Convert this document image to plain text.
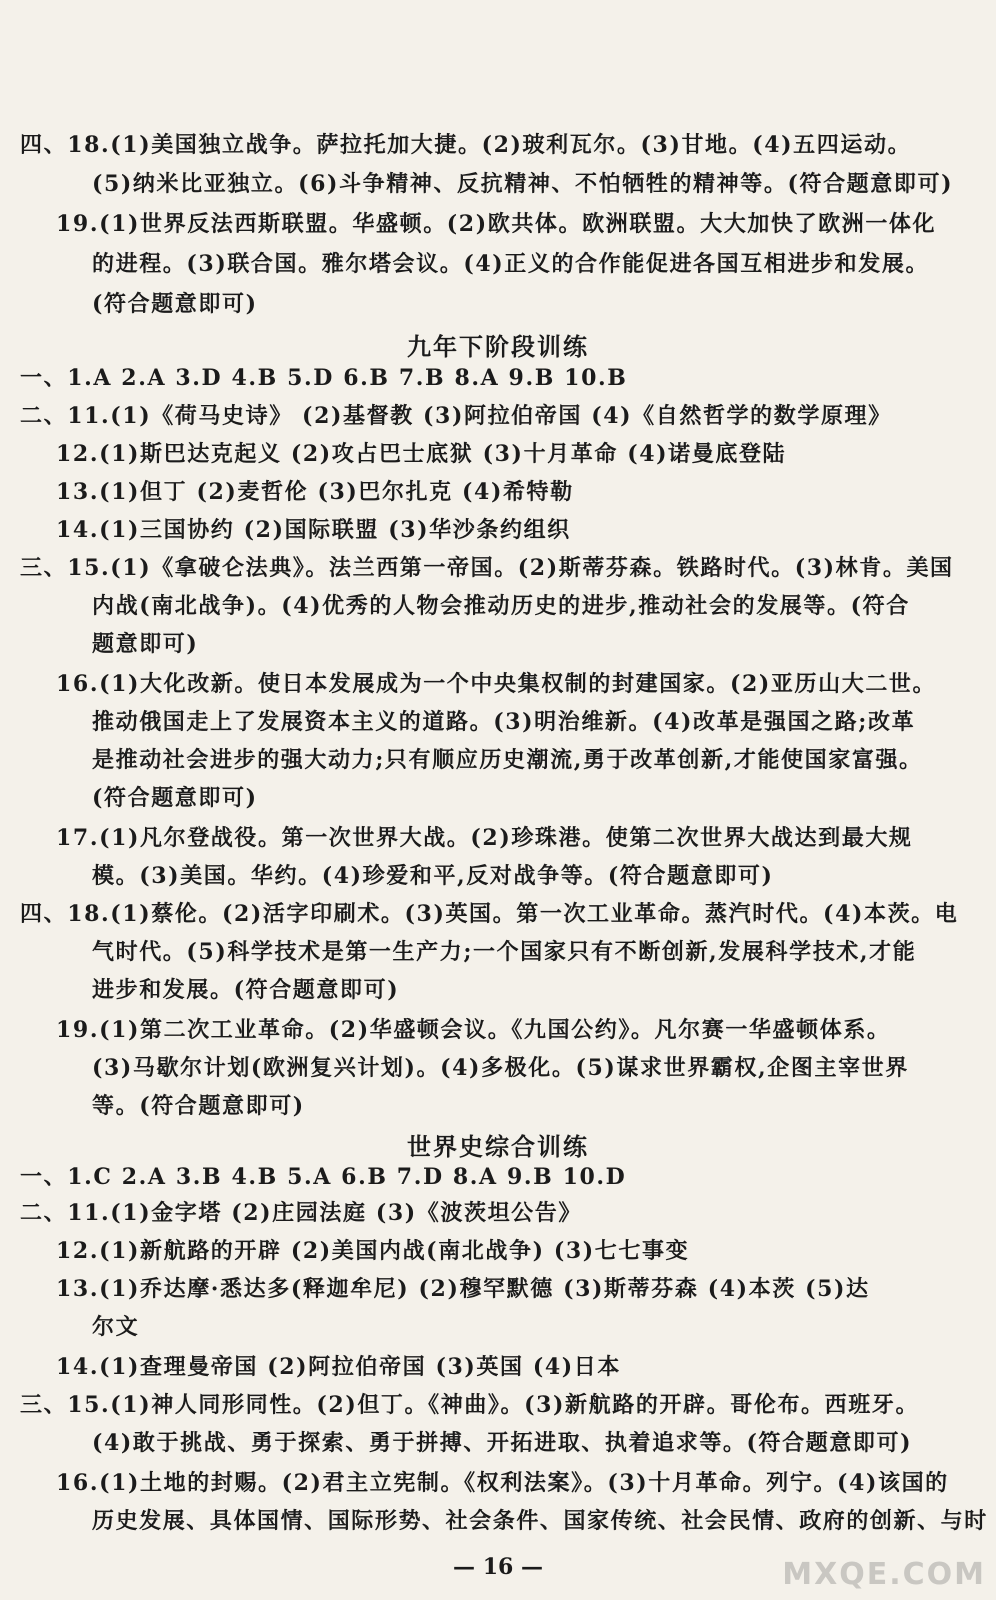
四、18.(1)美国独立战争。萨拉托加大捷。(2)玻利瓦尔。(3)甘地。(4)五四运动。
(5)纳米比亚独立。(6)斗争精神、反抗精神、不怕牺牲的精神等。(符合题意即可)
19.(1)世界反法西斯联盟。华盛顿。(2)欧共体。欧洲联盟。大大加快了欧洲一体化
的进程。(3)联合国。雅尔塔会议。(4)正义的合作能促进各国互相进步和发展。
(符合题意即可)
九年下阶段训练
一、1.A 2.A 3.D 4.B 5.D 6.B 7.B 8.A 9.B 10.B
二、11.(1)《荷马史诗》 (2)基督教 (3)阿拉伯帝国 (4)《自然哲学的数学原理》
12.(1)斯巴达克起义 (2)攻占巴士底狱 (3)十月革命 (4)诺曼底登陆
13.(1)但丁 (2)麦哲伦 (3)巴尔扎克 (4)希特勒
14.(1)三国协约 (2)国际联盟 (3)华沙条约组织
三、15.(1)《拿破仑法典》。法兰西第一帝国。(2)斯蒂芬森。铁路时代。(3)林肯。美国
内战(南北战争)。(4)优秀的人物会推动历史的进步,推动社会的发展等。(符合
题意即可)
16.(1)大化改新。使日本发展成为一个中央集权制的封建国家。(2)亚历山大二世。
推动俄国走上了发展资本主义的道路。(3)明治维新。(4)改革是强国之路;改革
是推动社会进步的强大动力;只有顺应历史潮流,勇于改革创新,才能使国家富强。
(符合题意即可)
17.(1)凡尔登战役。第一次世界大战。(2)珍珠港。使第二次世界大战达到最大规
模。(3)美国。华约。(4)珍爱和平,反对战争等。(符合题意即可)
四、18.(1)蔡伦。(2)活字印刷术。(3)英国。第一次工业革命。蒸汽时代。(4)本茨。电
气时代。(5)科学技术是第一生产力;一个国家只有不断创新,发展科学技术,才能
进步和发展。(符合题意即可)
19.(1)第二次工业革命。(2)华盛顿会议。《九国公约》。凡尔赛一华盛顿体系。
(3)马歇尔计划(欧洲复兴计划)。(4)多极化。(5)谋求世界霸权,企图主宰世界
等。(符合题意即可)
世界史综合训练
一、1.C 2.A 3.B 4.B 5.A 6.B 7.D 8.A 9.B 10.D
二、11.(1)金字塔 (2)庄园法庭 (3)《波茨坦公告》
12.(1)新航路的开辟 (2)美国内战(南北战争) (3)七七事变
13.(1)乔达摩·悉达多(释迦牟尼) (2)穆罕默德 (3)斯蒂芬森 (4)本茨 (5)达
尔文
14.(1)查理曼帝国 (2)阿拉伯帝国 (3)英国 (4)日本
三、15.(1)神人同形同性。(2)但丁。《神曲》。(3)新航路的开辟。哥伦布。西班牙。
(4)敢于挑战、勇于探索、勇于拼搏、开拓进取、执着追求等。(符合题意即可)
16.(1)土地的封赐。(2)君主立宪制。《权利法案》。(3)十月革命。列宁。(4)该国的
历史发展、具体国情、国际形势、社会条件、国家传统、社会民情、政府的创新、与时
— 16 —	MXQE.COM
